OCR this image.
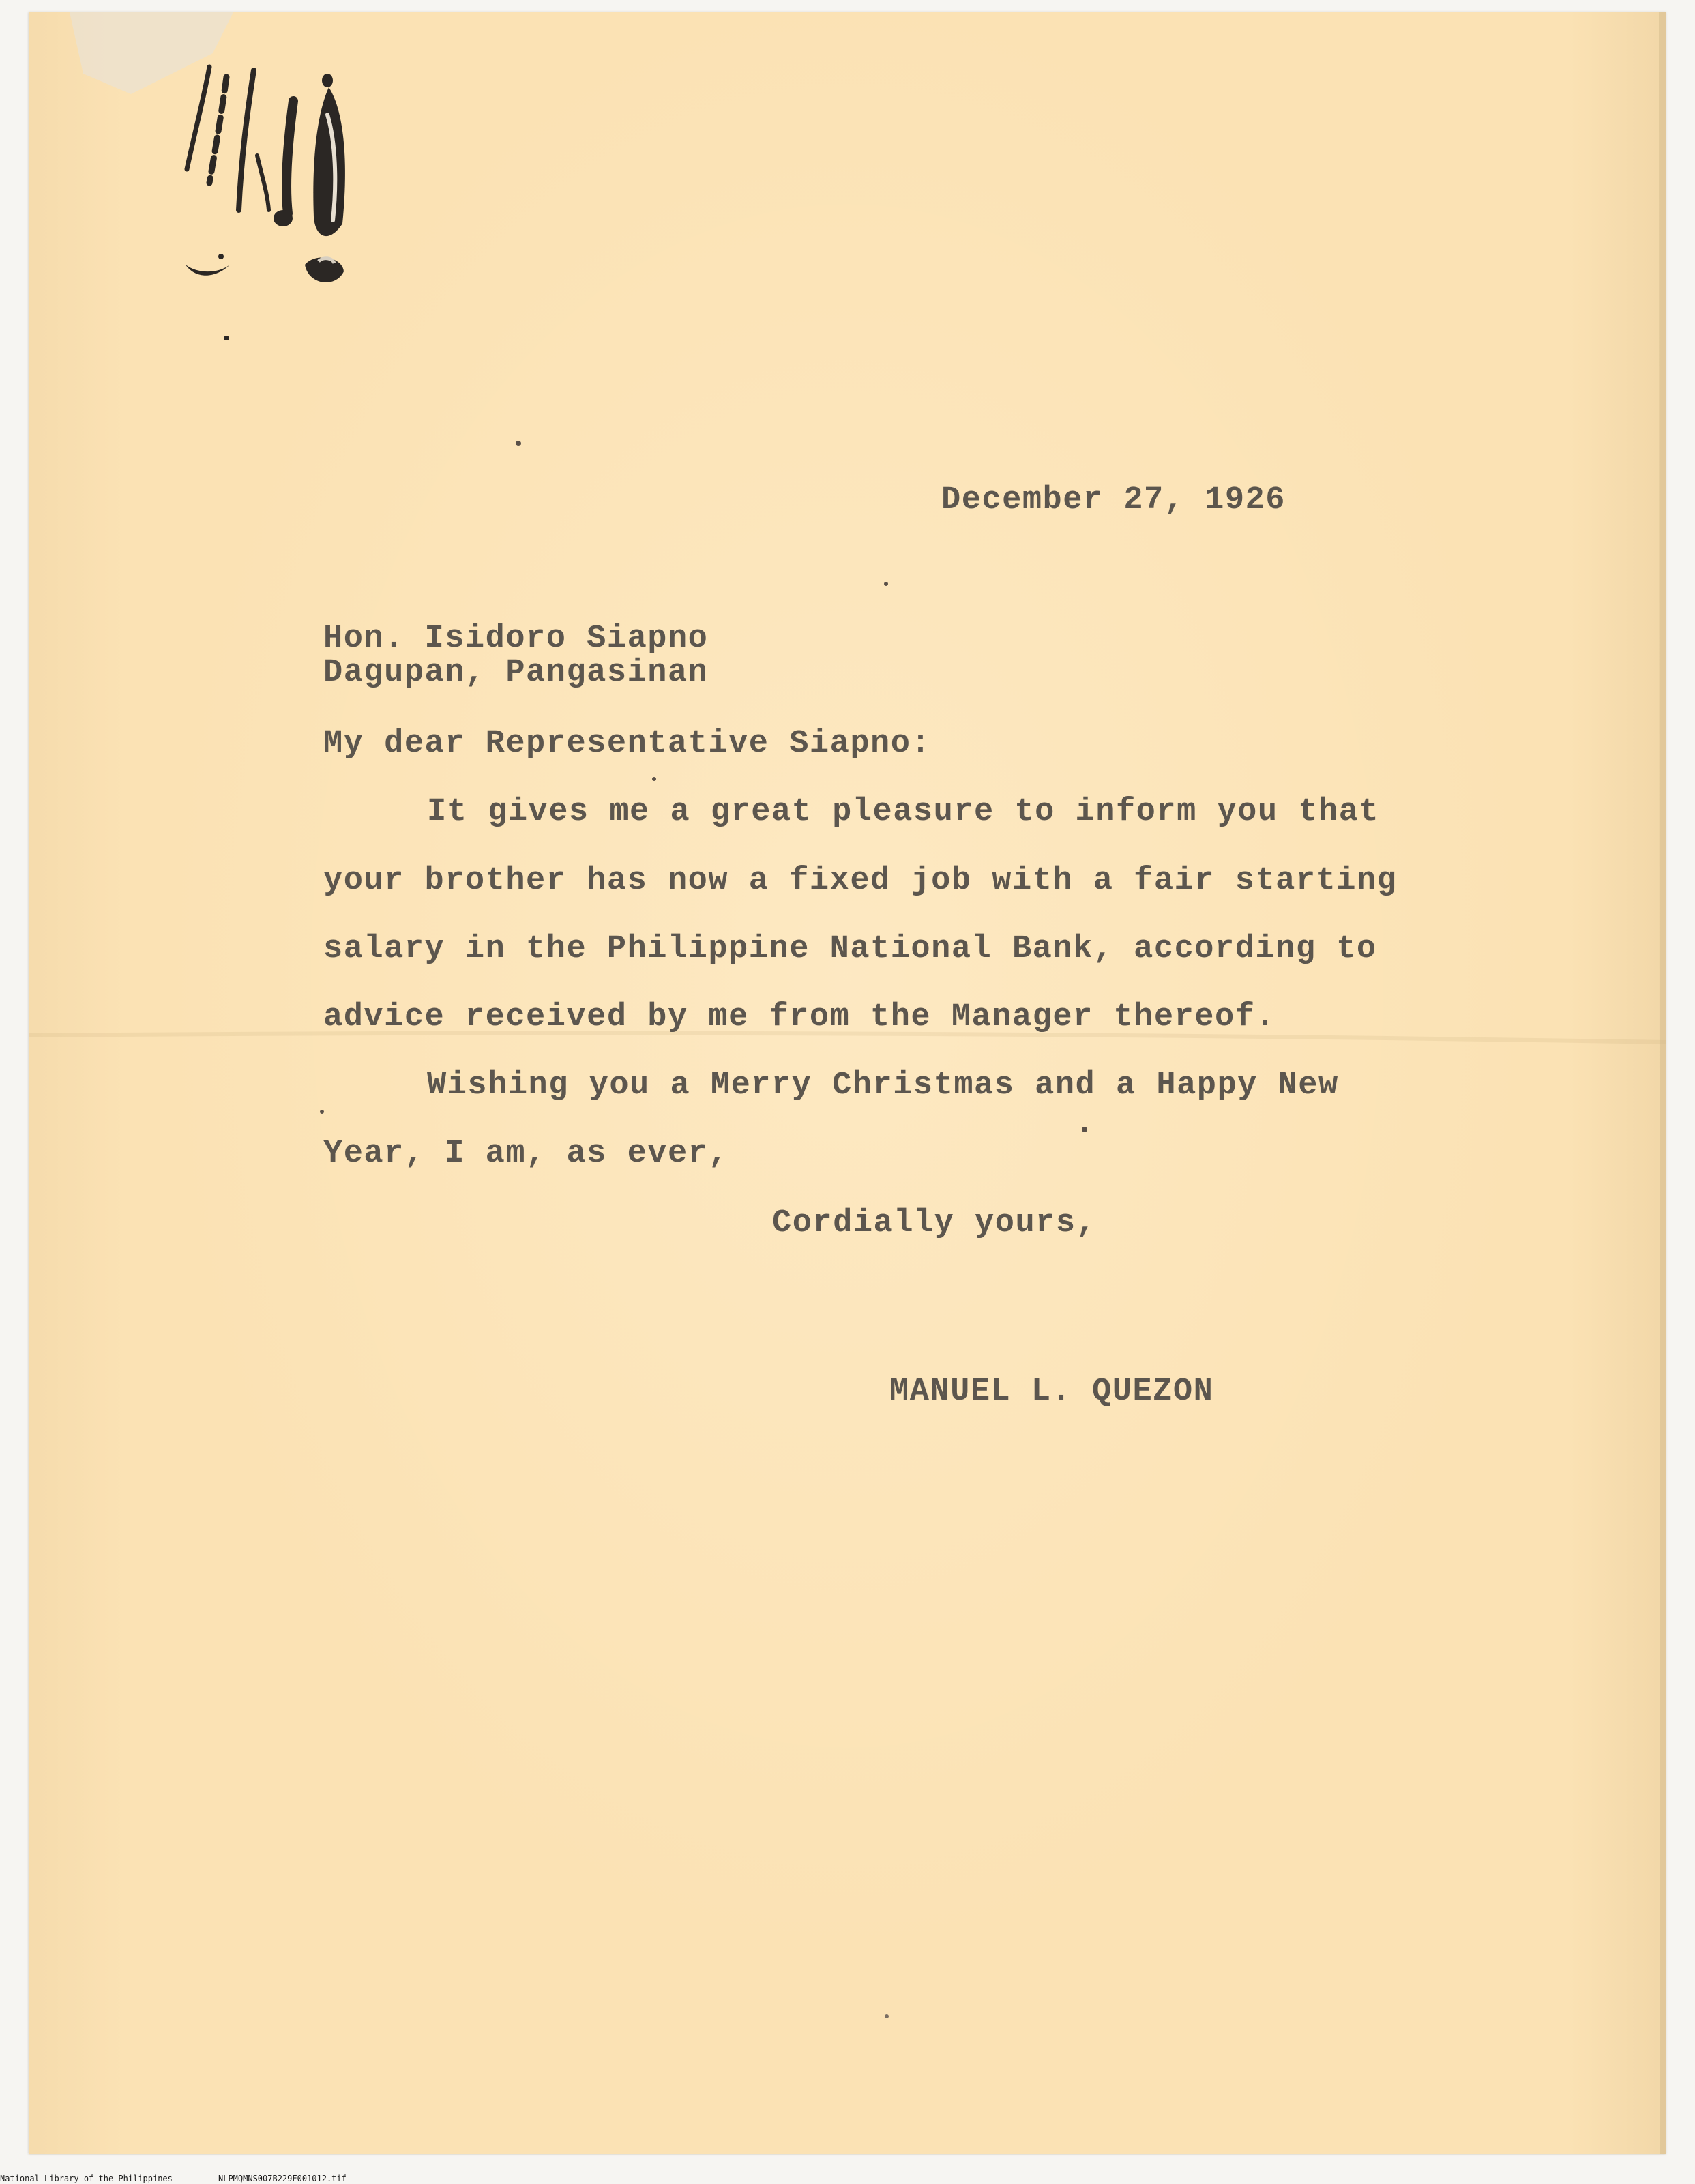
December 27, 1926
Hon. Isidoro Siapno
Dagupan, Pangasinan
My dear Representative Siapno:
It gives me a great pleasure to inform you that
your brother has now a fixed job with a fair starting
salary in the Philippine National Bank, according to
advice received by me from the Manager thereof.
Wishing you a Merry Christmas and a Happy New
Year, I am, as ever,
Cordially yours,
MANUEL L. QUEZON
National Library of the Philippines	NLPMQMNS007B229F001012.tif
